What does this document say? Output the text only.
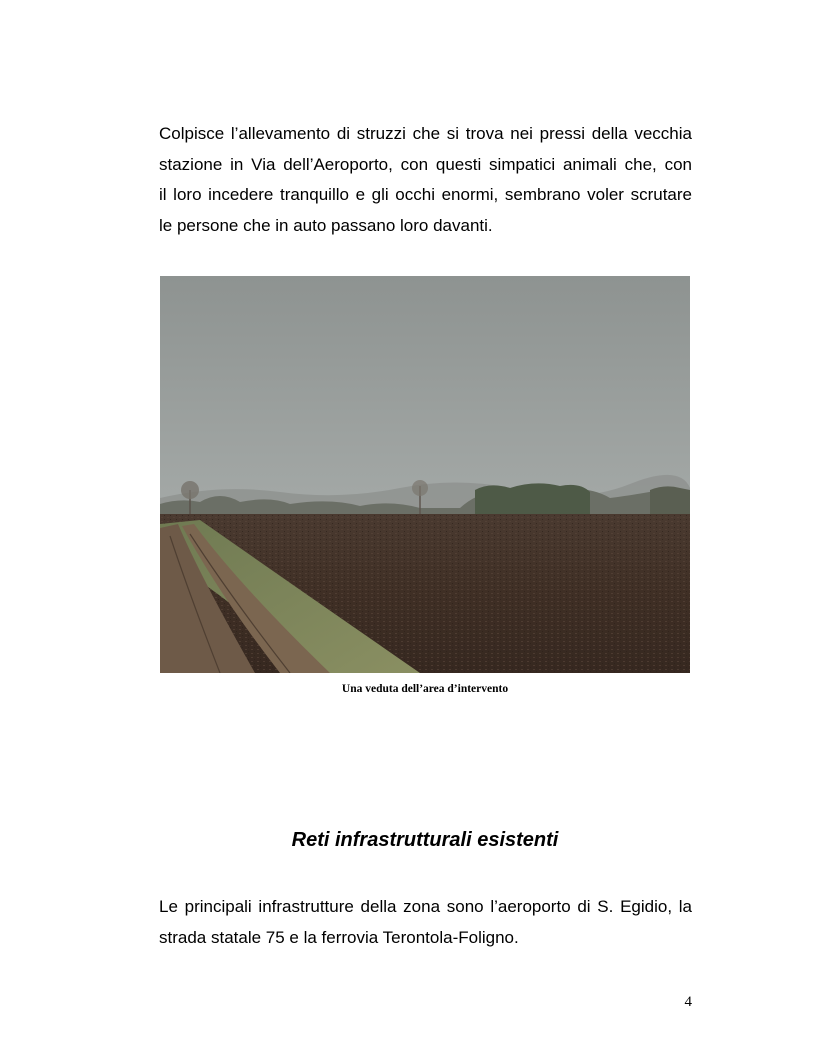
Colpisce l’allevamento di struzzi che si trova nei pressi della vecchia
stazione in Via dell’Aeroporto, con questi simpatici animali che, con
il loro incedere tranquillo e gli occhi enormi, sembrano voler scrutare
le persone che in auto passano loro davanti.
Una veduta dell’area d’intervento
Reti infrastrutturali esistenti
Le principali infrastrutture della zona sono l’aeroporto di S. Egidio, la
strada statale 75 e la ferrovia Terontola-Foligno.
4
